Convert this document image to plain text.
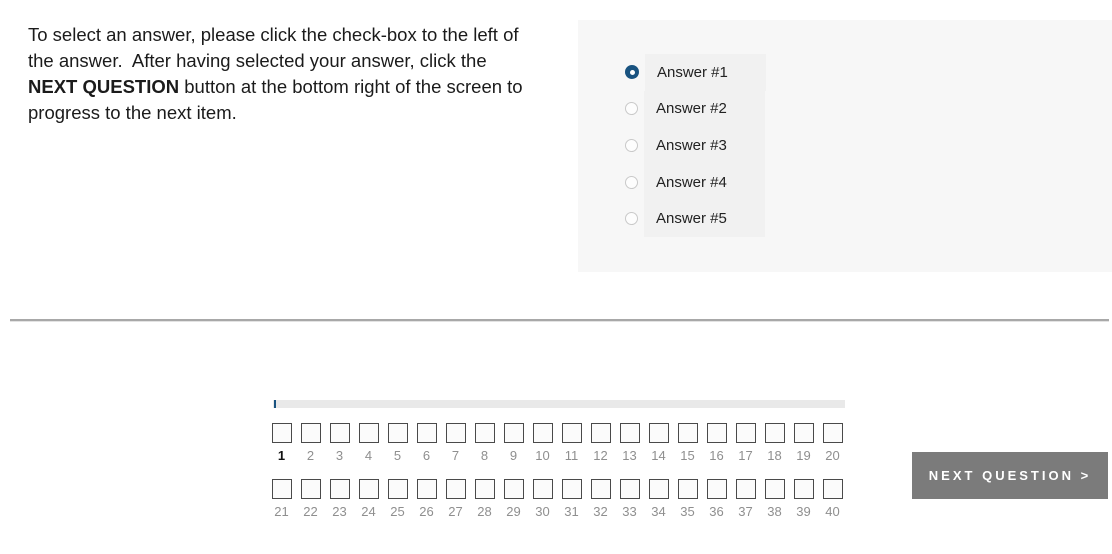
To select an answer, please click the check-box to the left of
the answer.  After having selected your answer, click the
NEXT QUESTION button at the bottom right of the screen to
progress to the next item.
Answer #1
Answer #2
Answer #3
Answer #4
Answer #5
1 2 3 4 5 6 7 8 9 10 11 12 13 14 15 16 17 18 19 20
21 22 23 24 25 26 27 28 29 30 31 32 33 34 35 36 37 38 39 40
NEXT QUESTION >
